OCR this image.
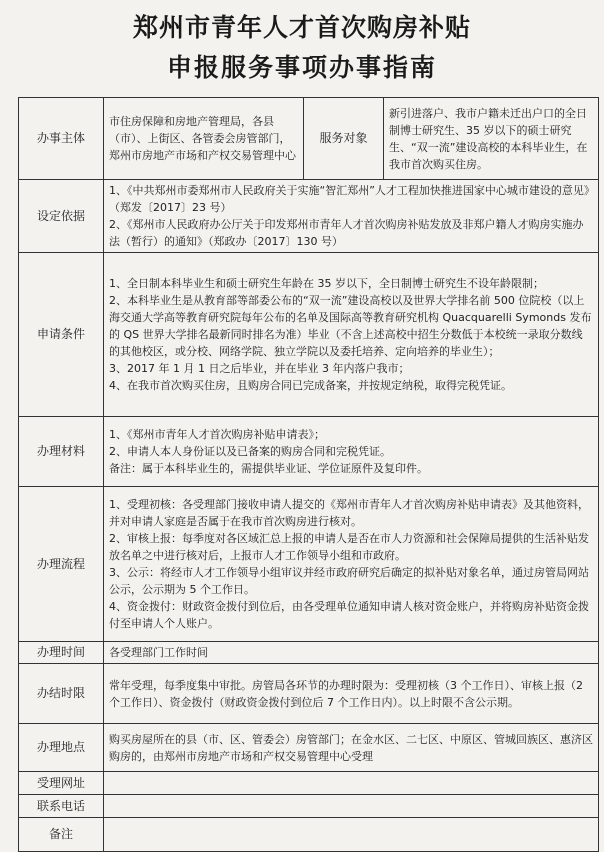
郑州市青年人才首次购房补贴
申报服务事项办事指南
办事主体	市住房保障和房地产管理局，各县（市）、上街区、各管委会房管部门，郑州市房地产市场和产权交易管理中心	服务对象	新引进落户、我市户籍未迁出户口的全日制博士研究生、35 岁以下的硕士研究生、“双一流”建设高校的本科毕业生，在我市首次购买住房。
设定依据	1、《中共郑州市委郑州市人民政府关于实施“智汇郑州”人才工程加快推进国家中心城市建设的意见》（郑发〔2017〕23 号）

2、《郑州市人民政府办公厅关于印发郑州市青年人才首次购房补贴发放及非郑户籍人才购房实施办法（暂行）的通知》（郑政办〔2017〕130 号）		

申请条件	1、全日制本科毕业生和硕士研究生年龄在 35 岁以下，全日制博士研究生不设年龄限制；

2、本科毕业生是从教育部等部委公布的“双一流”建设高校以及世界大学排名前 500 位院校（以上海交通大学高等教育研究院每年公布的名单及国际高等教育研究机构 Quacquarelli Symonds 发布的 QS 世界大学排名最新同时排名为准）毕业（不含上述高校中招生分数低于本校统一录取分数线的其他校区，或分校、网络学院、独立学院以及委托培养、定向培养的毕业生）；

3、2017 年 1 月 1 日之后毕业，并在毕业 3 年内落户我市；

4、在我市首次购买住房，且购房合同已完成备案，并按规定纳税，取得完税凭证。		

办理材料	1、《郑州市青年人才首次购房补贴申请表》；

2、申请人本人身份证以及已备案的购房合同和完税凭证。

备注：属于本科毕业生的，需提供毕业证、学位证原件及复印件。		

办理流程	1、受理初核：各受理部门接收申请人提交的《郑州市青年人才首次购房补贴申请表》及其他资料，并对申请人家庭是否属于在我市首次购房进行核对。

2、审核上报：每季度对各区域汇总上报的申请人是否在市人力资源和社会保障局提供的生活补贴发放名单之中进行核对后，上报市人才工作领导小组和市政府。

3、公示：将经市人才工作领导小组审议并经市政府研究后确定的拟补贴对象名单，通过房管局网站公示，公示期为 5 个工作日。

4、资金拨付：财政资金拨付到位后，由各受理单位通知申请人核对资金账户，并将购房补贴资金拨付至申请人个人账户。		

办理时间	各受理部门工作时间		
办结时限	常年受理，每季度集中审批。房管局各环节的办理时限为：受理初核（3 个工作日）、审核上报（2 个工作日）、资金拨付（财政资金拨付到位后 7 个工作日内）。以上时限不含公示期。		
办理地点	购买房屋所在的县（市、区、管委会）房管部门；在金水区、二七区、中原区、管城回族区、惠济区购房的，由郑州市房地产市场和产权交易管理中心受理		
受理网址			
联系电话			
备注			
